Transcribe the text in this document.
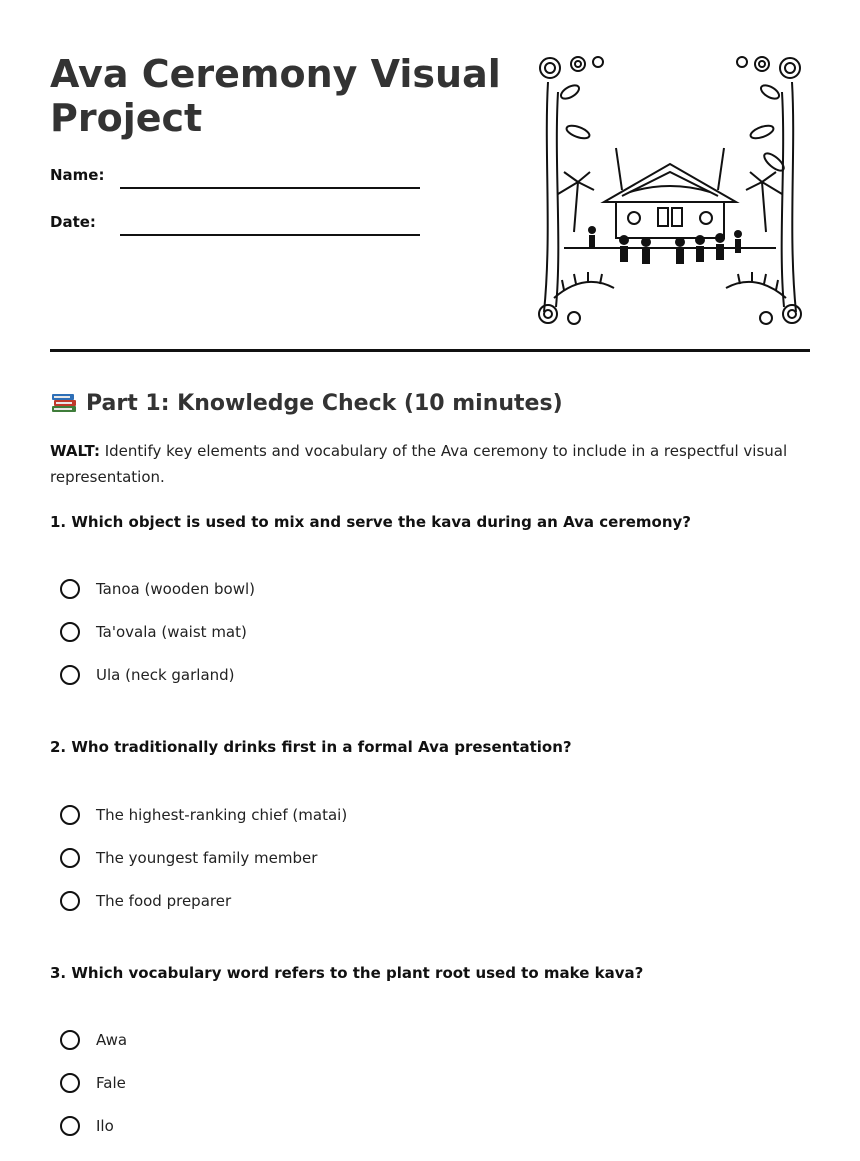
Ava Ceremony Visual Project
Name:
Date:
Part 1: Knowledge Check (10 minutes)

WALT: Identify key elements and vocabulary of the Ava ceremony to include in a respectful visual representation.

1. Which object is used to mix and serve the kava during an Ava ceremony?
Tanoa (wooden bowl)
Ta'ovala (waist mat)
Ula (neck garland)
2. Who traditionally drinks first in a formal Ava presentation?
The highest-ranking chief (matai)
The youngest family member
The food preparer
3. Which vocabulary word refers to the plant root used to make kava?
Awa
Fale
Ilo
